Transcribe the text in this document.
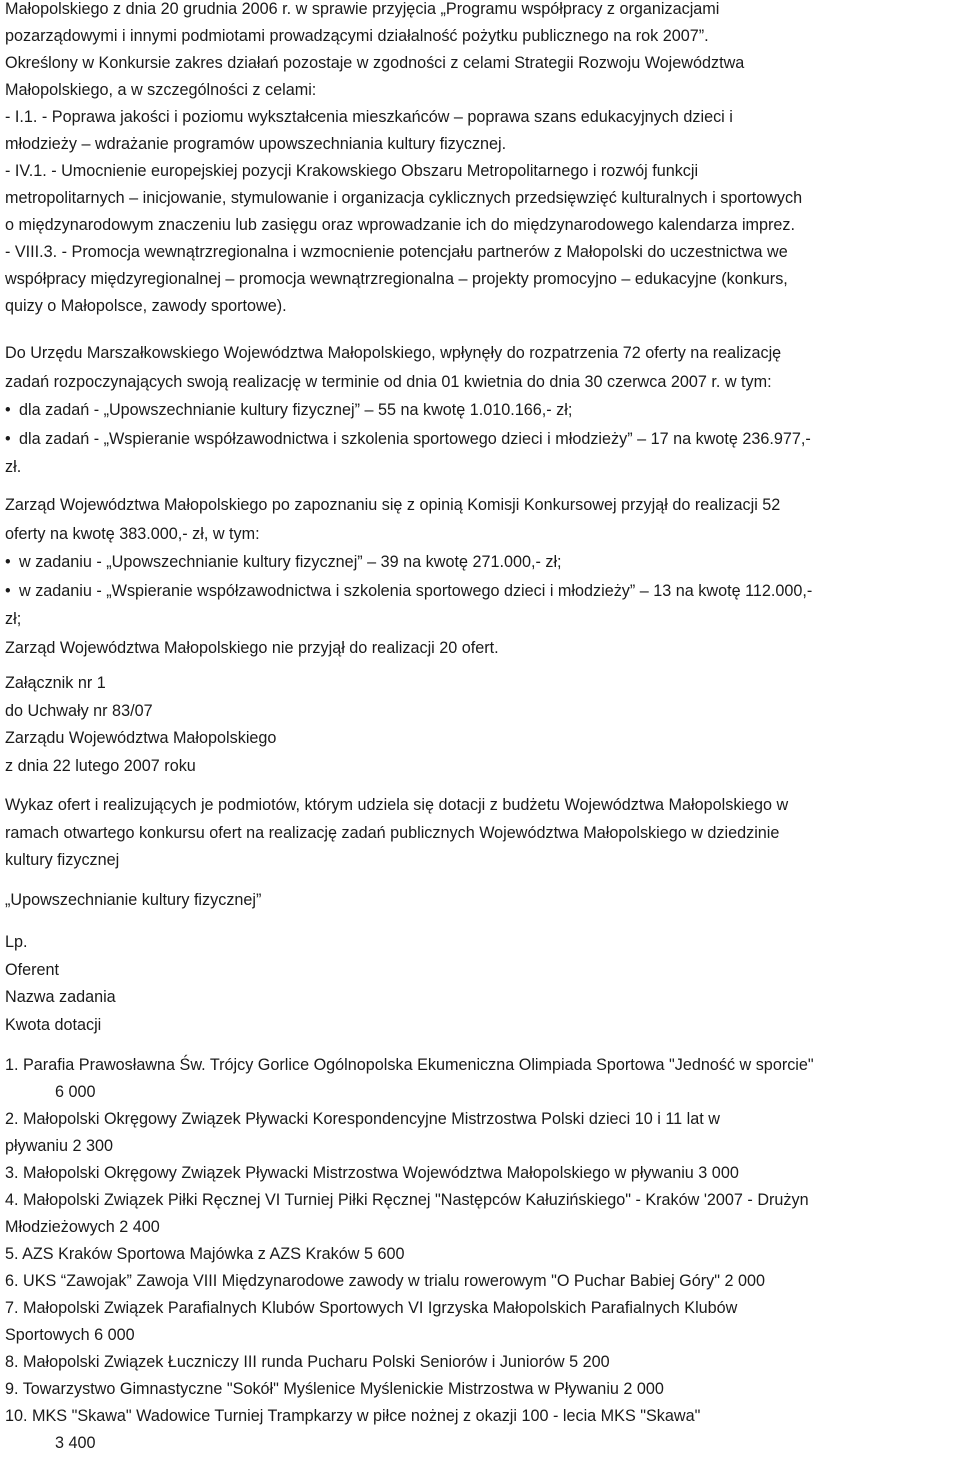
Małopolskiego z dnia 20 grudnia 2006 r. w sprawie przyjęcia „Programu współpracy z organizacjami
pozarządowymi i innymi podmiotami prowadzącymi działalność pożytku publicznego na rok 2007”.
Określony w Konkursie zakres działań pozostaje w zgodności z celami Strategii Rozwoju Województwa
Małopolskiego, a w szczególności z celami:
- I.1. - Poprawa jakości i poziomu wykształcenia mieszkańców – poprawa szans edukacyjnych dzieci i
młodzieży – wdrażanie programów upowszechniania kultury fizycznej.
- IV.1. - Umocnienie europejskiej pozycji Krakowskiego Obszaru Metropolitarnego i rozwój funkcji
metropolitarnych – inicjowanie, stymulowanie i organizacja cyklicznych przedsięwzięć kulturalnych i sportowych
o międzynarodowym znaczeniu lub zasięgu oraz wprowadzanie ich do międzynarodowego kalendarza imprez.
- VIII.3. - Promocja wewnątrzregionalna i wzmocnienie potencjału partnerów z Małopolski do uczestnictwa we
współpracy międzyregionalnej – promocja wewnątrzregionalna – projekty promocyjno – edukacyjne (konkurs,
quizy o Małopolsce, zawody sportowe).
Do Urzędu Marszałkowskiego Województwa Małopolskiego, wpłynęły do rozpatrzenia 72 oferty na realizację
zadań rozpoczynających swoją realizację w terminie od dnia 01 kwietnia do dnia 30 czerwca 2007 r. w tym:
• dla zadań - „Upowszechnianie kultury fizycznej” – 55 na kwotę 1.010.166,- zł;
• dla zadań - „Wspieranie współzawodnictwa i szkolenia sportowego dzieci i młodzieży” – 17 na kwotę 236.977,-
zł.
Zarząd Województwa Małopolskiego po zapoznaniu się z opinią Komisji Konkursowej przyjął do realizacji 52
oferty na kwotę 383.000,- zł, w tym:
• w zadaniu - „Upowszechnianie kultury fizycznej” – 39 na kwotę 271.000,- zł;
• w zadaniu - „Wspieranie współzawodnictwa i szkolenia sportowego dzieci i młodzieży” – 13 na kwotę 112.000,-
zł;
Zarząd Województwa Małopolskiego nie przyjął do realizacji 20 ofert.
Załącznik nr 1
do Uchwały nr 83/07
Zarządu Województwa Małopolskiego
z dnia 22 lutego 2007 roku
Wykaz ofert i realizujących je podmiotów, którym udziela się dotacji z budżetu Województwa Małopolskiego w
ramach otwartego konkursu ofert na realizację zadań publicznych Województwa Małopolskiego w dziedzinie
kultury fizycznej
„Upowszechnianie kultury fizycznej”
Lp.
Oferent
Nazwa zadania
Kwota dotacji
1. Parafia Prawosławna Św. Trójcy Gorlice Ogólnopolska Ekumeniczna Olimpiada Sportowa "Jedność w sporcie"
6 000
2. Małopolski Okręgowy Związek Pływacki Korespondencyjne Mistrzostwa Polski dzieci 10 i 11 lat w
pływaniu 2 300
3. Małopolski Okręgowy Związek Pływacki Mistrzostwa Województwa Małopolskiego w pływaniu 3 000
4. Małopolski Związek Piłki Ręcznej VI Turniej Piłki Ręcznej "Następców Kałuzińskiego" - Kraków '2007 - Drużyn
Młodzieżowych 2 400
5. AZS Kraków Sportowa Majówka z AZS Kraków 5 600
6. UKS “Zawojak” Zawoja VIII Międzynarodowe zawody w trialu rowerowym "O Puchar Babiej Góry" 2 000
7. Małopolski Związek Parafialnych Klubów Sportowych VI Igrzyska Małopolskich Parafialnych Klubów
Sportowych 6 000
8. Małopolski Związek Łuczniczy III runda Pucharu Polski Seniorów i Juniorów 5 200
9. Towarzystwo Gimnastyczne "Sokół" Myślenice Myślenickie Mistrzostwa w Pływaniu 2 000
10. MKS "Skawa" Wadowice Turniej Trampkarzy w piłce nożnej z okazji 100 - lecia MKS "Skawa"
3 400
